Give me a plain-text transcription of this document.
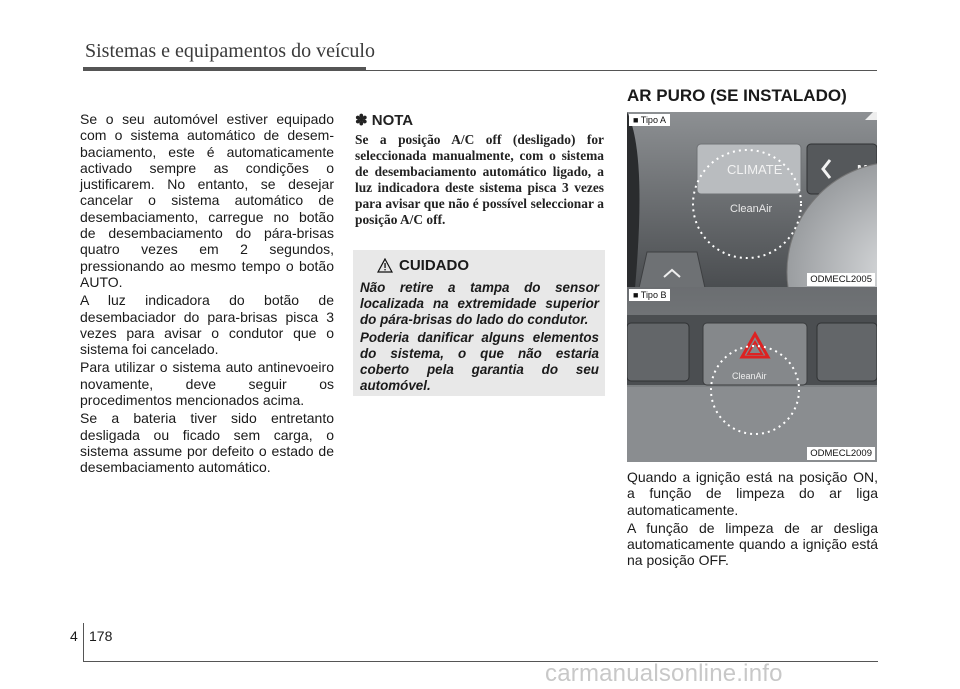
Sistemas e equipamentos do veículo

Se o seu automóvel estiver equipado com o sistema automático de desem-baciamento, este é automaticamente activado sempre as condições o justificarem. No entanto, se desejar cancelar o sistema automático de desembaciamento, carregue no botão de desembaciamento do pára-brisas quatro vezes em 2 segundos, pressionando ao mesmo tempo o botão AUTO.

A luz indicadora do botão de desembaciador do para-brisas pisca 3 vezes para avisar o condutor que o sistema foi cancelado.

Para utilizar o sistema auto antinevoeiro novamente, deve seguir os procedimentos mencionados acima.

Se a bateria tiver sido entretanto desligada ou ficado sem carga, o sistema assume por defeito o estado de desembaciamento automático.

✽ NOTA
Se a posição A/C off (desligado) for seleccionada manualmente, com o sistema de desembaciamento automático ligado, a luz indicadora deste sistema pisca 3 vezes para avisar que não é possível seleccionar a posição A/C off.
CUIDADO

Não retire a tampa do sensor localizada na extremidade superior do pára-brisas do lado do condutor.

Poderia danificar alguns elementos do sistema, o que não estaria coberto pela garantia do seu automóvel.

AR PURO (SE INSTALADO)
CLIMATE
CleanAir
■ Tipo A
ODMECL2005
CleanAir
■ Tipo B
ODMECL2009

Quando a ignição está na posição ON, a função de limpeza do ar liga automaticamente.

A função de limpeza de ar desliga automaticamente quando a ignição está na posição OFF.

4 178
carmanualsonline.info
